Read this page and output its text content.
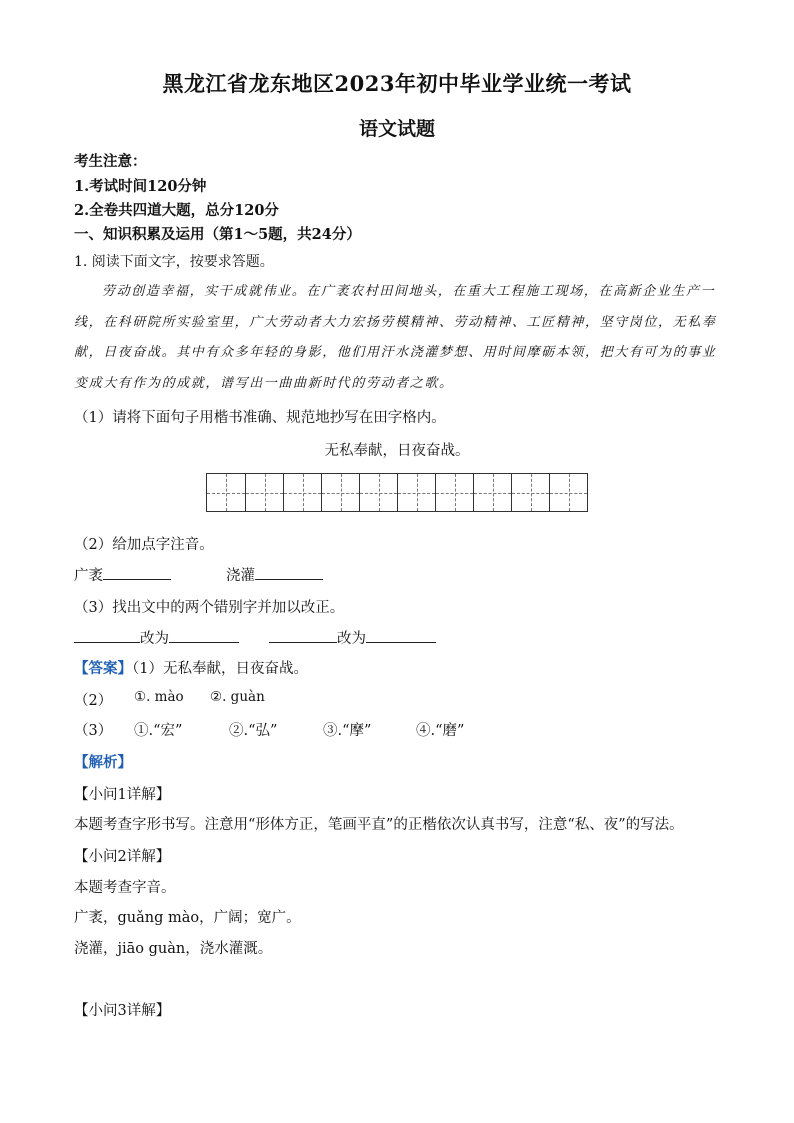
黑龙江省龙东地区2023年初中毕业学业统一考试
语文试题
考生注意：
1.考试时间120分钟
2.全卷共四道大题，总分120分
一、知识积累及运用（第1～5题，共24分）
1. 阅读下面文字，按要求答题。
劳动创造幸福，实干成就伟业。在广袤农村田间地头，在重大工程施工现场，在高新企业生产一线，在科研院所实验室里，广大劳动者大力宏扬劳模精神、劳动精神、工匠精神，坚守岗位，无私奉献，日夜奋战。其中有众多年轻的身影，他们用汗水浇灌梦想、用时间摩砺本领，把大有可为的事业变成大有作为的成就，谱写出一曲曲新时代的劳动者之歌。
（1）请将下面句子用楷书准确、规范地抄写在田字格内。
无私奉献，日夜奋战。
（2）给加点字注音。
广袤	浇灌
（3）找出文中的两个错别字并加以改正。
改为	改为
【答案】（1）无私奉献，日夜奋战。
（2） ①. mào ②. guàn
（3） ①.“宏”	②.“弘”	③.“摩”	④.“磨”
【解析】
【小问1详解】
本题考查字形书写。注意用“形体方正，笔画平直”的正楷依次认真书写，注意“私、夜”的写法。
【小问2详解】
本题考查字音。
广袤，guǎng mào，广阔；宽广。
浇灌，jiāo guàn，浇水灌溉。
【小问3详解】
